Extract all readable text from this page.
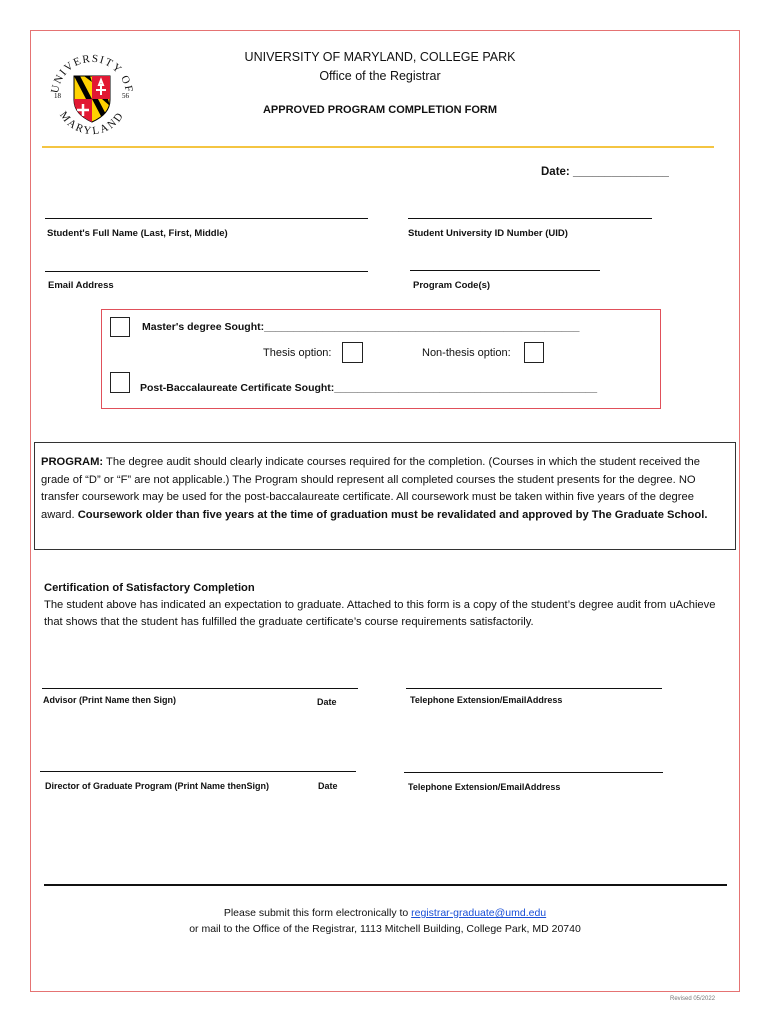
UNIVERSITY OF
MARYLAND
18	56
UNIVERSITY OF MARYLAND, COLLEGE PARK
Office of the Registrar
APPROVED PROGRAM COMPLETION FORM
Date: _______________
Student's Full Name (Last, First, Middle)	Student University ID Number (UID)
Email Address	Program Code(s)
Master's degree Sought:______________________________________________________
Thesis option:	Non-thesis option:
Post-Baccalaureate Certificate Sought:_____________________________________________
PROGRAM: The degree audit should clearly indicate courses required for the completion. (Courses in which the student received the grade of “D” or “F” are not applicable.) The Program should represent all completed courses the student presents for the degree. NO transfer coursework may be used for the post-baccalaureate certificate. All coursework must be taken within five years of the degree award. Coursework older than five years at the time of graduation must be revalidated and approved by The Graduate School.
Certification of Satisfactory Completion
The student above has indicated an expectation to graduate. Attached to this form is a copy of the student’s degree audit from uAchieve that shows that the student has fulfilled the graduate certificate’s course requirements satisfactorily.
Advisor (Print Name then Sign)	Date	Telephone Extension/EmailAddress
Director of Graduate Program (Print Name thenSign)	Date	Telephone Extension/EmailAddress
Please submit this form electronically to registrar-graduate@umd.edu
or mail to the Office of the Registrar, 1113 Mitchell Building, College Park, MD 20740
Revised 05/2022
